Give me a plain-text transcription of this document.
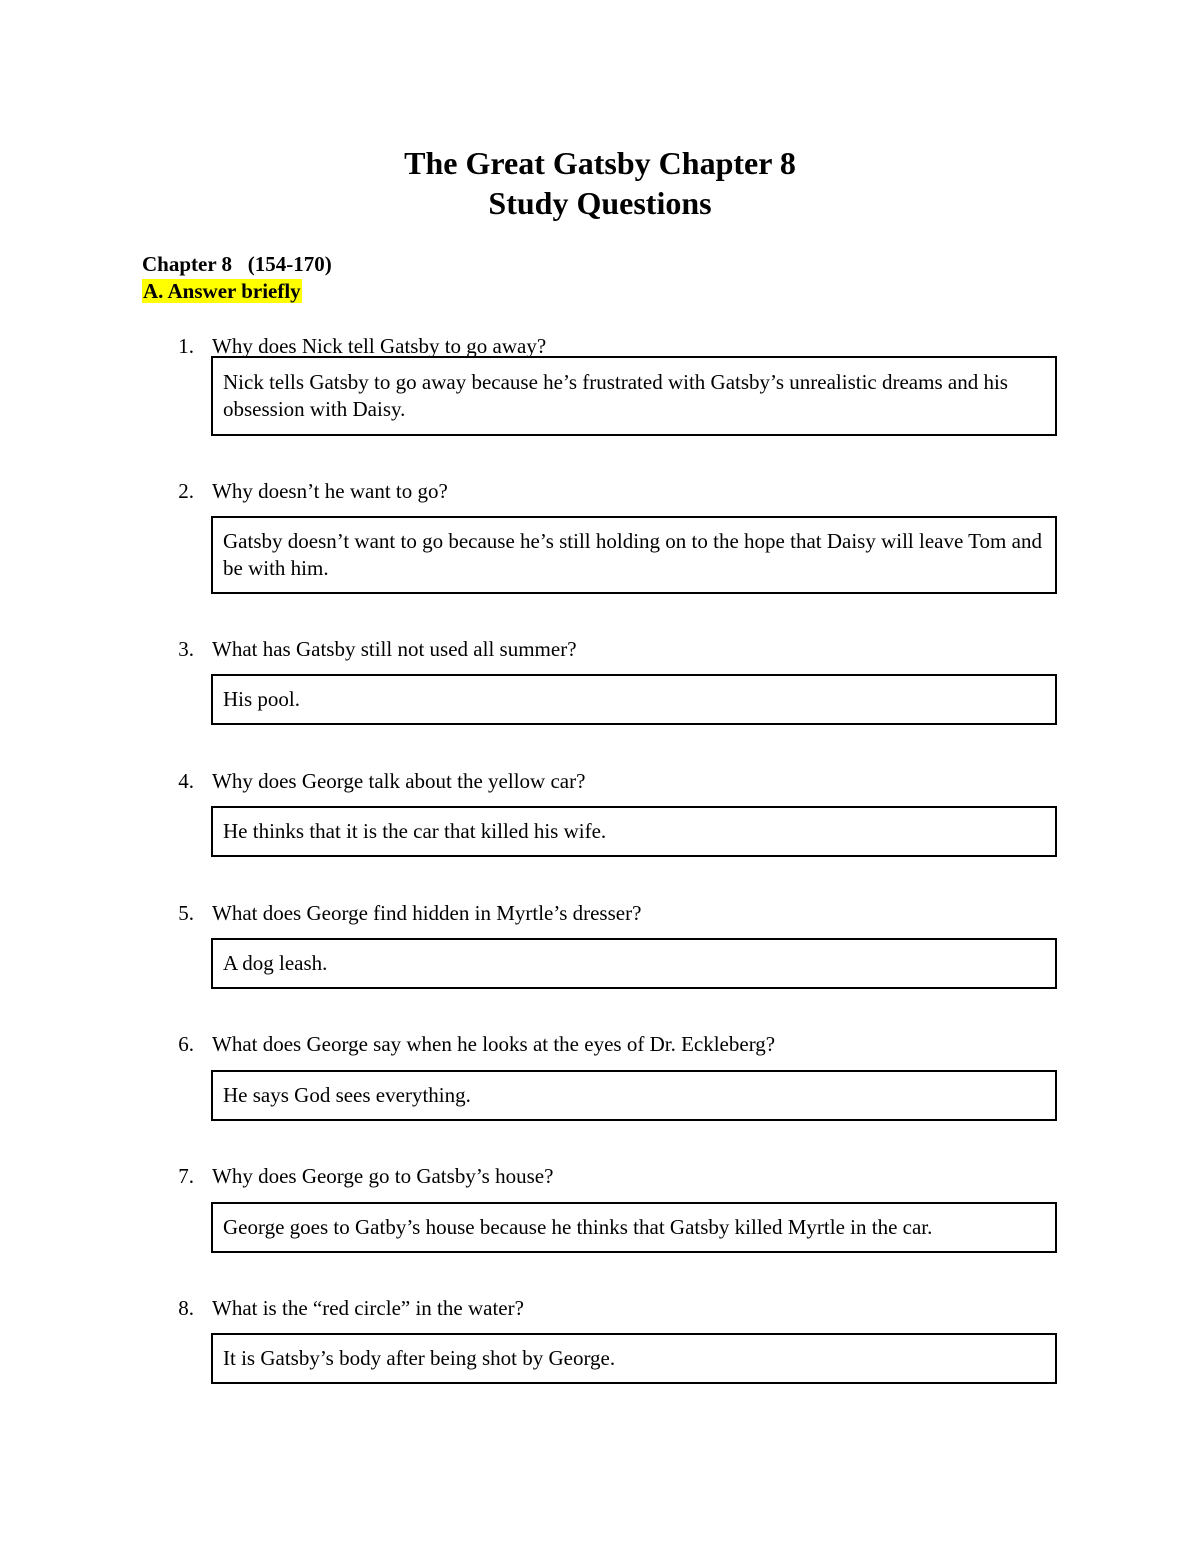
The Great Gatsby Chapter 8
Study Questions
Chapter 8   (154-170)
A. Answer briefly
1. Why does Nick tell Gatsby to go away?
Nick tells Gatsby to go away because he’s frustrated with Gatsby’s unrealistic dreams and his obsession with Daisy.
2. Why doesn’t he want to go?
Gatsby doesn’t want to go because he’s still holding on to the hope that Daisy will leave Tom and be with him.
3. What has Gatsby still not used all summer?
His pool.
4. Why does George talk about the yellow car?
He thinks that it is the car that killed his wife.
5. What does George find hidden in Myrtle’s dresser?
A dog leash.
6. What does George say when he looks at the eyes of Dr. Eckleberg?
He says God sees everything.
7. Why does George go to Gatsby’s house?
George goes to Gatby’s house because he thinks that Gatsby killed Myrtle in the car.
8. What is the “red circle” in the water?
It is Gatsby’s body after being shot by George.
